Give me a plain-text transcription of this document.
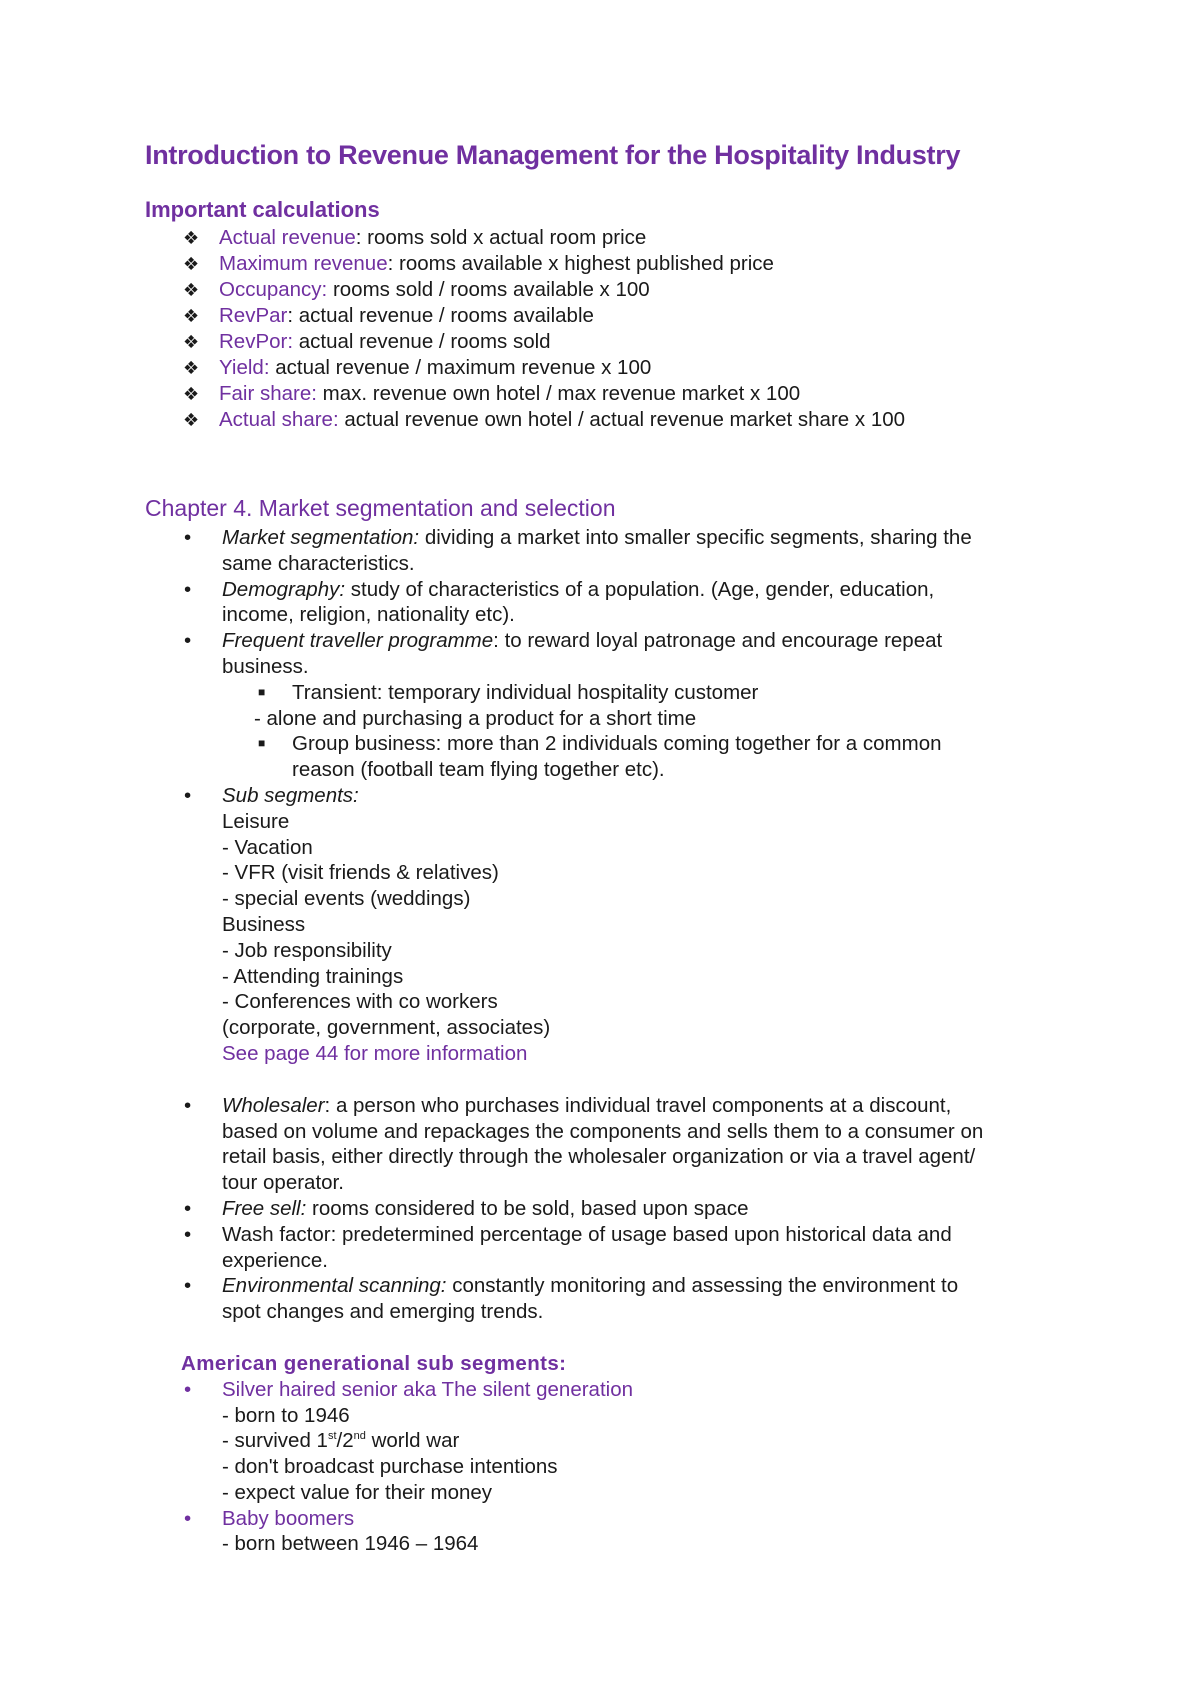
Introduction to Revenue Management for the Hospitality Industry
Important calculations
❖ Actual revenue: rooms sold x actual room price
❖ Maximum revenue: rooms available x highest published price
❖ Occupancy: rooms sold / rooms available x 100
❖ RevPar: actual revenue / rooms available
❖ RevPor: actual revenue / rooms sold
❖ Yield: actual revenue / maximum revenue x 100
❖ Fair share: max. revenue own hotel / max revenue market x 100
❖ Actual share: actual revenue own hotel / actual revenue market share x 100
Chapter 4. Market segmentation and selection
• Market segmentation: dividing a market into smaller specific segments, sharing the
same characteristics.
• Demography: study of characteristics of a population. (Age, gender, education,
income, religion, nationality etc).
• Frequent traveller programme: to reward loyal patronage and encourage repeat
business.
■ Transient: temporary individual hospitality customer
- alone and purchasing a product for a short time
■ Group business: more than 2 individuals coming together for a common
reason (football team flying together etc).
• Sub segments:
Leisure
- Vacation
- VFR (visit friends & relatives)
- special events (weddings)
Business
- Job responsibility
- Attending trainings
- Conferences with co workers
(corporate, government, associates)
See page 44 for more information
• Wholesaler: a person who purchases individual travel components at a discount,
based on volume and repackages the components and sells them to a consumer on
retail basis, either directly through the wholesaler organization or via a travel agent/
tour operator.
• Free sell: rooms considered to be sold, based upon space
• Wash factor: predetermined percentage of usage based upon historical data and
experience.
• Environmental scanning: constantly monitoring and assessing the environment to
spot changes and emerging trends.
American generational sub segments:
• Silver haired senior aka The silent generation
- born to 1946
- survived 1st/2nd world war
- don't broadcast purchase intentions
- expect value for their money
• Baby boomers
- born between 1946 – 1964
